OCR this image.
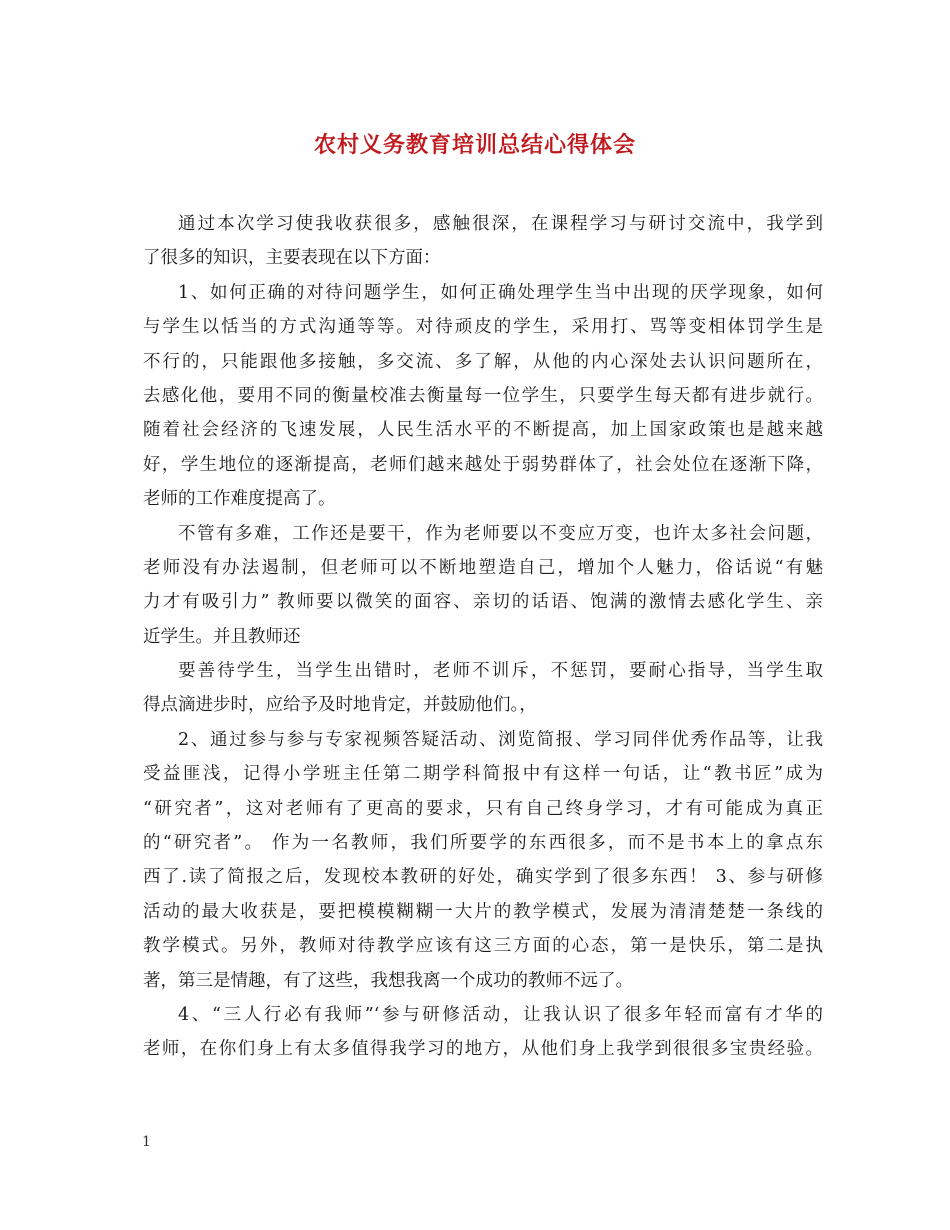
农村义务教育培训总结心得体会
通过本次学习使我收获很多，感触很深，在课程学习与研讨交流中，我学到
了很多的知识，主要表现在以下方面：
1、如何正确的对待问题学生，如何正确处理学生当中出现的厌学现象，如何
与学生以恬当的方式沟通等等。对待顽皮的学生，采用打、骂等变相体罚学生是
不行的，只能跟他多接触，多交流、多了解，从他的内心深处去认识问题所在，
去感化他，要用不同的衡量校准去衡量每一位学生，只要学生每天都有进步就行。
随着社会经济的飞速发展，人民生活水平的不断提高，加上国家政策也是越来越
好，学生地位的逐渐提高，老师们越来越处于弱势群体了，社会处位在逐渐下降，
老师的工作难度提高了。
不管有多难，工作还是要干，作为老师要以不变应万变，也许太多社会问题，
老师没有办法遏制，但老师可以不断地塑造自己，增加个人魅力，俗话说“有魅
力才有吸引力” 教师要以微笑的面容、亲切的话语、饱满的激情去感化学生、亲
近学生。并且教师还
要善待学生，当学生出错时，老师不训斥，不惩罚，要耐心指导，当学生取
得点滴进步时，应给予及时地肯定，并鼓励他们。，
2、通过参与参与专家视频答疑活动、浏览简报、学习同伴优秀作品等，让我
受益匪浅，记得小学班主任第二期学科简报中有这样一句话，让“教书匠”成为
“研究者”，这对老师有了更高的要求，只有自己终身学习，才有可能成为真正
的“研究者”。 作为一名教师，我们所要学的东西很多，而不是书本上的拿点东
西了.读了简报之后，发现校本教研的好处，确实学到了很多东西！ 3、参与研修
活动的最大收获是，要把模模糊糊一大片的教学模式，发展为清清楚楚一条线的
教学模式。另外，教师对待教学应该有这三方面的心态，第一是快乐，第二是执
著，第三是情趣，有了这些，我想我离一个成功的教师不远了。
4、“三人行必有我师”‘参与研修活动，让我认识了很多年轻而富有才华的
老师，在你们身上有太多值得我学习的地方，从他们身上我学到很很多宝贵经验。
1
